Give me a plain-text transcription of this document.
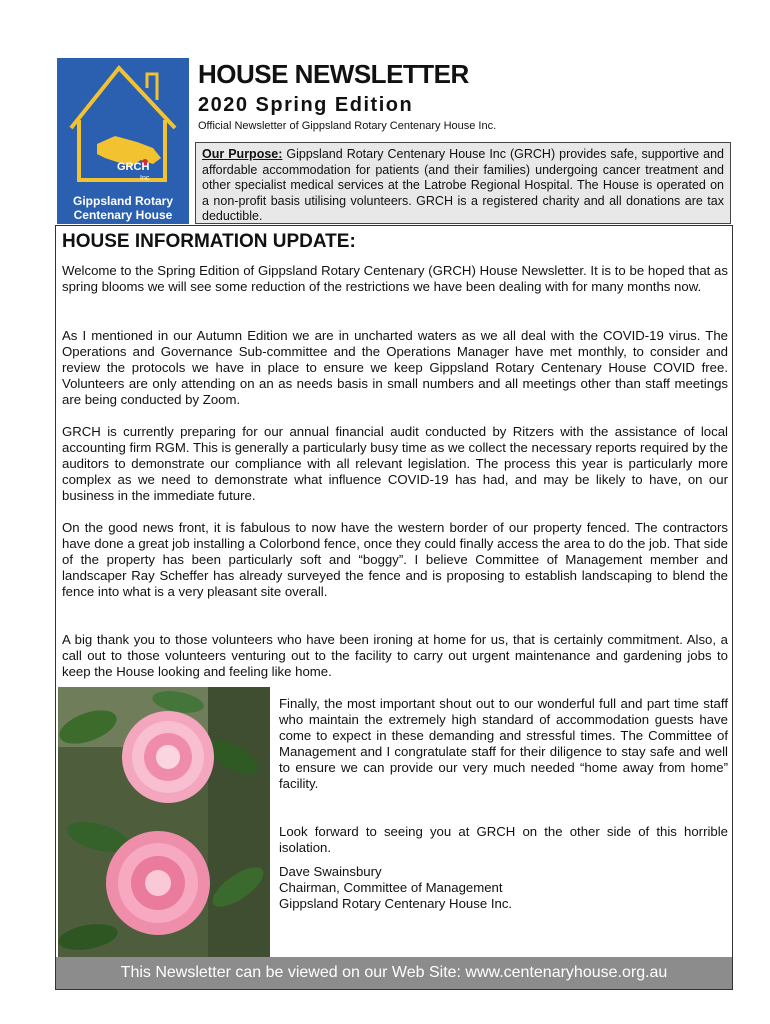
GRCH
Inc
Gippsland Rotary
Centenary House
HOUSE NEWSLETTER
2020 Spring Edition
Official Newsletter of Gippsland Rotary Centenary House Inc.
Our Purpose: Gippsland Rotary Centenary House Inc (GRCH) provides safe, supportive and affordable accommodation for patients (and their families) undergoing cancer treatment and other specialist medical services at the Latrobe Regional Hospital. The House is operated on a non-profit basis utilising volunteers. GRCH is a registered charity and all donations are tax deductible.
HOUSE INFORMATION UPDATE:

Welcome to the Spring Edition of Gippsland Rotary Centenary (GRCH) House Newsletter. It is to be hoped that as spring blooms we will see some reduction of the restrictions we have been dealing with for many months now.

As I mentioned in our Autumn Edition we are in uncharted waters as we all deal with the COVID-19 virus. The Operations and Governance Sub-committee and the Operations Manager have met monthly, to consider and review the protocols we have in place to ensure we keep Gippsland Rotary Centenary House COVID free. Volunteers are only attending on an as needs basis in small numbers and all meetings other than staff meetings are being conducted by Zoom.

GRCH is currently preparing for our annual financial audit conducted by Ritzers with the assistance of local accounting firm RGM. This is generally a particularly busy time as we collect the necessary reports required by the auditors to demonstrate our compliance with all relevant legislation. The process this year is particularly more complex as we need to demonstrate what influence COVID-19 has had, and may be likely to have, on our business in the immediate future.

On the good news front, it is fabulous to now have the western border of our property fenced. The contractors have done a great job installing a Colorbond fence, once they could finally access the area to do the job. That side of the property has been particularly soft and “boggy”. I believe Committee of Management member and landscaper Ray Scheffer has already surveyed the fence and is proposing to establish landscaping to blend the fence into what is a very pleasant site overall.

A big thank you to those volunteers who have been ironing at home for us, that is certainly commitment. Also, a call out to those volunteers venturing out to the facility to carry out urgent maintenance and gardening jobs to keep the House looking and feeling like home.

Finally, the most important shout out to our wonderful full and part time staff who maintain the extremely high standard of accommodation guests have come to expect in these demanding and stressful times. The Committee of Management and I congratulate staff for their diligence to stay safe and well to ensure we can provide our very much needed “home away from home” facility.

Look forward to seeing you at GRCH on the other side of this horrible isolation.

Dave Swainsbury
Chairman, Committee of Management
Gippsland Rotary Centenary House Inc.
This Newsletter can be viewed on our Web Site: www.centenaryhouse.org.au
